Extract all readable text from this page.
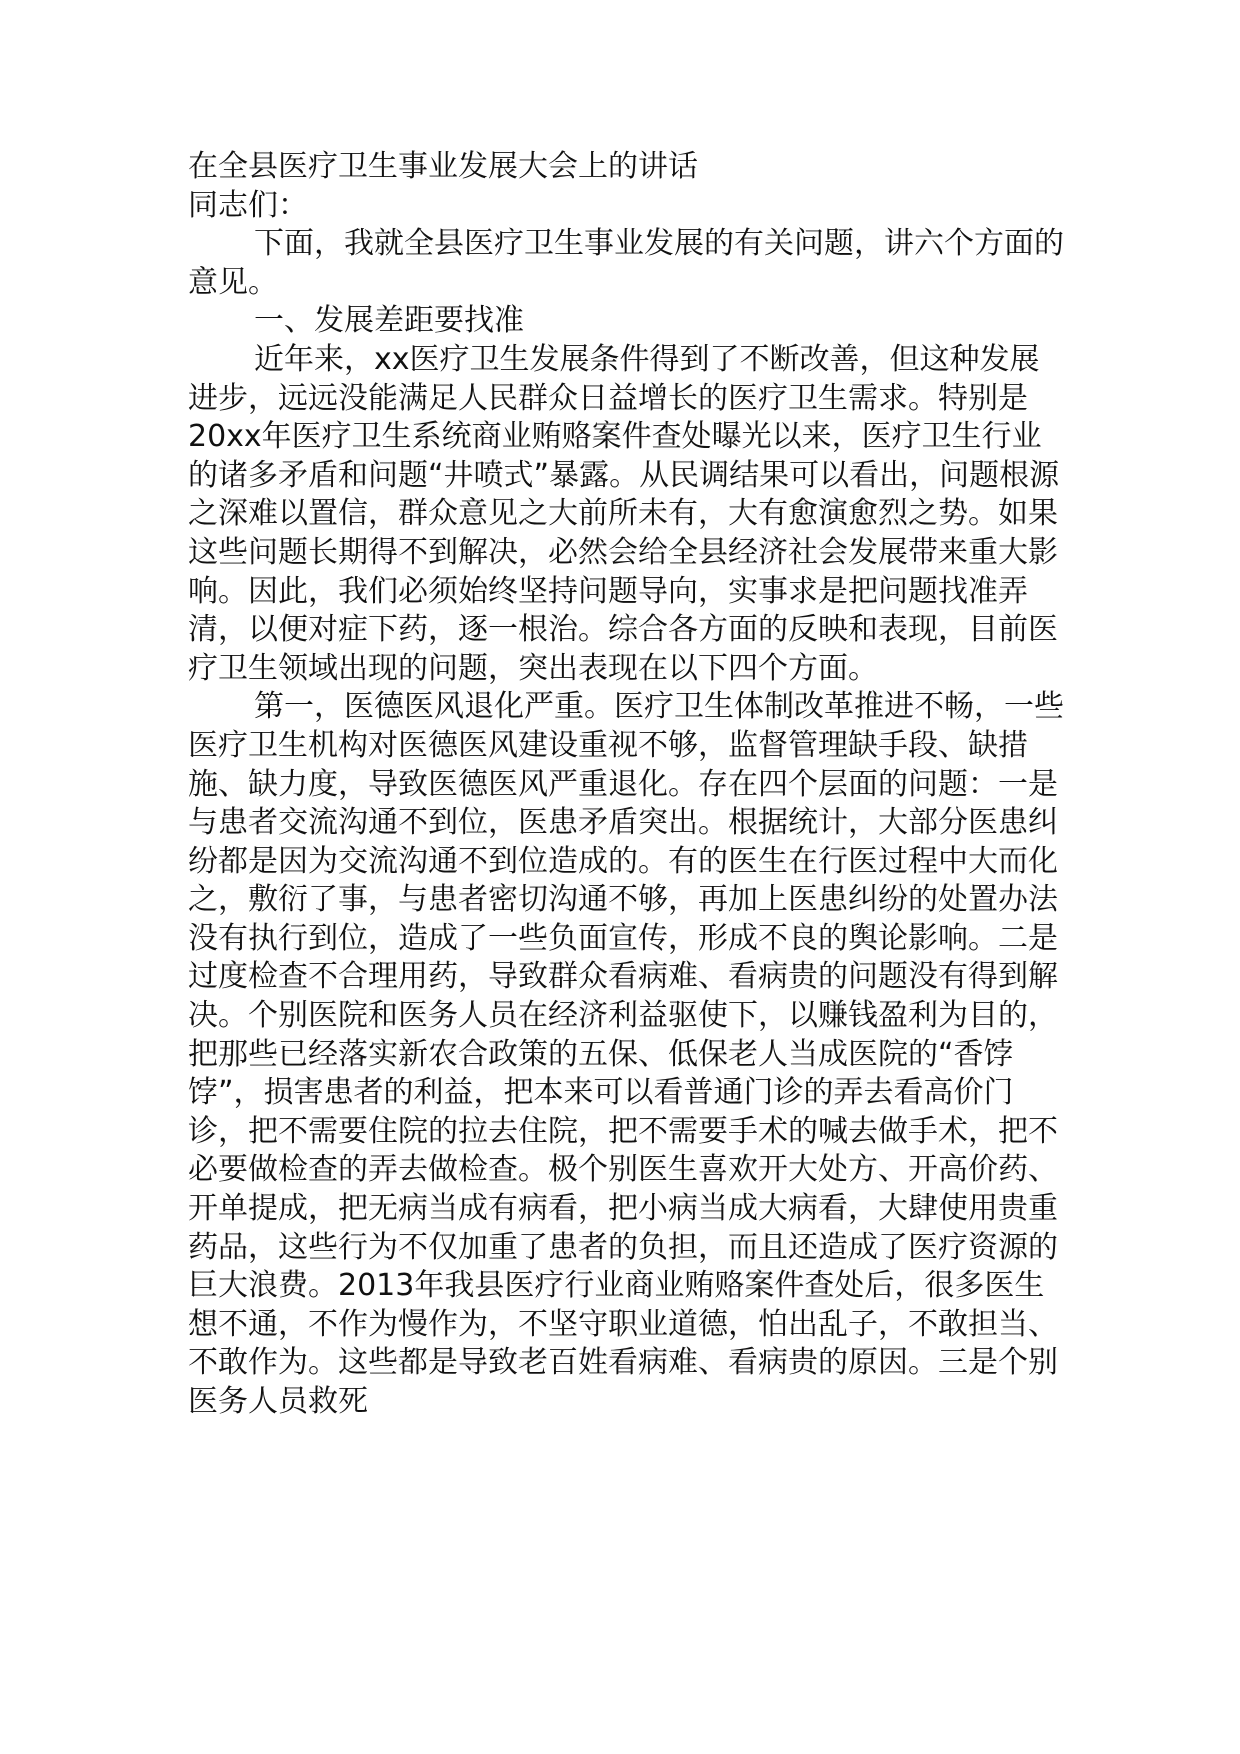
在全县医疗卫生事业发展大会上的讲话

同志们：

下面，我就全县医疗卫生事业发展的有关问题，讲六个方面的意见。

一、发展差距要找准

近年来，xx医疗卫生发展条件得到了不断改善，但这种发展进步，远远没能满足人民群众日益增长的医疗卫生需求。特别是20xx年医疗卫生系统商业贿赂案件查处曝光以来，医疗卫生行业的诸多矛盾和问题“井喷式”暴露。从民调结果可以看出，问题根源之深难以置信，群众意见之大前所未有，大有愈演愈烈之势。如果这些问题长期得不到解决，必然会给全县经济社会发展带来重大影响。因此，我们必须始终坚持问题导向，实事求是把问题找准弄清，以便对症下药，逐一根治。综合各方面的反映和表现，目前医疗卫生领域出现的问题，突出表现在以下四个方面。

第一，医德医风退化严重。医疗卫生体制改革推进不畅，一些医疗卫生机构对医德医风建设重视不够，监督管理缺手段、缺措施、缺力度，导致医德医风严重退化。存在四个层面的问题：一是与患者交流沟通不到位，医患矛盾突出。根据统计，大部分医患纠纷都是因为交流沟通不到位造成的。有的医生在行医过程中大而化之，敷衍了事，与患者密切沟通不够，再加上医患纠纷的处置办法没有执行到位，造成了一些负面宣传，形成不良的舆论影响。二是过度检查不合理用药，导致群众看病难、看病贵的问题没有得到解决。个别医院和医务人员在经济利益驱使下，以赚钱盈利为目的，把那些已经落实新农合政策的五保、低保老人当成医院的“香饽饽”，损害患者的利益，把本来可以看普通门诊的弄去看高价门诊，把不需要住院的拉去住院，把不需要手术的喊去做手术，把不必要做检查的弄去做检查。极个别医生喜欢开大处方、开高价药、开单提成，把无病当成有病看，把小病当成大病看，大肆使用贵重药品，这些行为不仅加重了患者的负担，而且还造成了医疗资源的巨大浪费。2013年我县医疗行业商业贿赂案件查处后，很多医生想不通，不作为慢作为，不坚守职业道德，怕出乱子，不敢担当、不敢作为。这些都是导致老百姓看病难、看病贵的原因。三是个别医务人员救死
